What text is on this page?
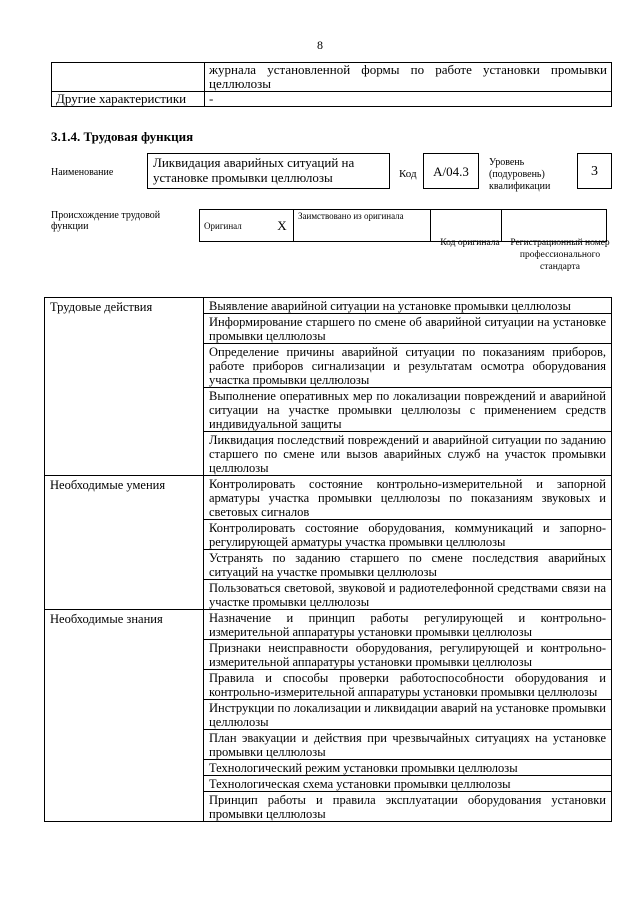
8
	журнала установленной формы по работе установки промывки целлюлозы
Другие характеристики	-
3.1.4. Трудовая функция
Наименование
Ликвидация аварийных ситуаций на установке промывки целлюлозы	Код	A/04.3
Уровень (подуровень) квалификации
3
Происхождение трудовой функции	Оригинал	X	Заимствовано из оригинала		
Код оригинала	Регистрационный номер профессионального стандарта
Трудовые действия	Выявление аварийной ситуации на установке промывки целлюлозы
	Информирование старшего по смене об аварийной ситуации на установке промывки целлюлозы
	Определение причины аварийной ситуации по показаниям приборов, работе приборов сигнализации и результатам осмотра оборудования участка промывки целлюлозы
	Выполнение оперативных мер по локализации повреждений и аварийной ситуации на участке промывки целлюлозы с применением средств индивидуальной защиты
	Ликвидация последствий повреждений и аварийной ситуации по заданию старшего по смене или вызов аварийных служб на участок промывки целлюлозы
Необходимые умения	Контролировать состояние контрольно-измерительной и запорной арматуры участка промывки целлюлозы по показаниям звуковых и световых сигналов
	Контролировать состояние оборудования, коммуникаций и запорно-регулирующей арматуры участка промывки целлюлозы
	Устранять по заданию старшего по смене последствия аварийных ситуаций на участке промывки целлюлозы
	Пользоваться световой, звуковой и радиотелефонной средствами связи на участке промывки целлюлозы
Необходимые знания	Назначение и принцип работы регулирующей и контрольно-измерительной аппаратуры установки промывки целлюлозы
	Признаки неисправности оборудования, регулирующей и контрольно-измерительной аппаратуры установки промывки целлюлозы
	Правила и способы проверки работоспособности оборудования и контрольно-измерительной аппаратуры установки промывки целлюлозы
	Инструкции по локализации и ликвидации аварий на установке промывки целлюлозы
	План эвакуации и действия при чрезвычайных ситуациях на установке промывки целлюлозы
	Технологический режим установки промывки целлюлозы
	Технологическая схема установки промывки целлюлозы
	Принцип работы и правила эксплуатации оборудования установки промывки целлюлозы
